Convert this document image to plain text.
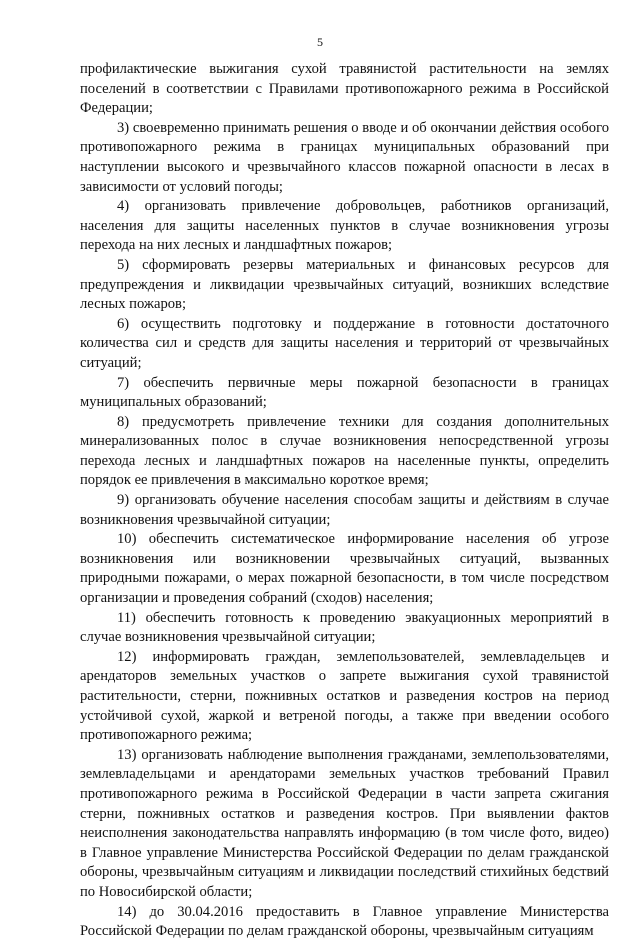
5

профилактические выжигания сухой травянистой растительности на землях поселений в соответствии с Правилами противопожарного режима в Российской Федерации;

3) своевременно принимать решения о вводе и об окончании действия особого противопожарного режима в границах муниципальных образований при наступлении высокого и чрезвычайного классов пожарной опасности в лесах в зависимости от условий погоды;

4) организовать привлечение добровольцев, работников организаций, населения для защиты населенных пунктов в случае возникновения угрозы перехода на них лесных и ландшафтных пожаров;

5) сформировать резервы материальных и финансовых ресурсов для предупреждения и ликвидации чрезвычайных ситуаций, возникших вследствие лесных пожаров;

6) осуществить подготовку и поддержание в готовности достаточного количества сил и средств для защиты населения и территорий от чрезвычайных ситуаций;

7) обеспечить первичные меры пожарной безопасности в границах муниципальных образований;

8) предусмотреть привлечение техники для создания дополнительных минерализованных полос в случае возникновения непосредственной угрозы перехода лесных и ландшафтных пожаров на населенные пункты, определить порядок ее привлечения в максимально короткое время;

9) организовать обучение населения способам защиты и действиям в случае возникновения чрезвычайной ситуации;

10) обеспечить систематическое информирование населения об угрозе возникновения или возникновении чрезвычайных ситуаций, вызванных природными пожарами, о мерах пожарной безопасности, в том числе посредством организации и проведения собраний (сходов) населения;

11) обеспечить готовность к проведению эвакуационных мероприятий в случае возникновения чрезвычайной ситуации;

12) информировать граждан, землепользователей, землевладельцев и арендаторов земельных участков о запрете выжигания сухой травянистой растительности, стерни, пожнивных остатков и разведения костров на период устойчивой сухой, жаркой и ветреной погоды, а также при введении особого противопожарного режима;

13) организовать наблюдение выполнения гражданами, землепользователями, землевладельцами и арендаторами земельных участков требований Правил противопожарного режима в Российской Федерации в части запрета сжигания стерни, пожнивных остатков и разведения костров. При выявлении фактов неисполнения законодательства направлять информацию (в том числе фото, видео) в Главное управление Министерства Российской Федерации по делам гражданской обороны, чрезвычайным ситуациям и ликвидации последствий стихийных бедствий по Новосибирской области;

14) до 30.04.2016 предоставить в Главное управление Министерства Российской Федерации по делам гражданской обороны, чрезвычайным ситуациям
